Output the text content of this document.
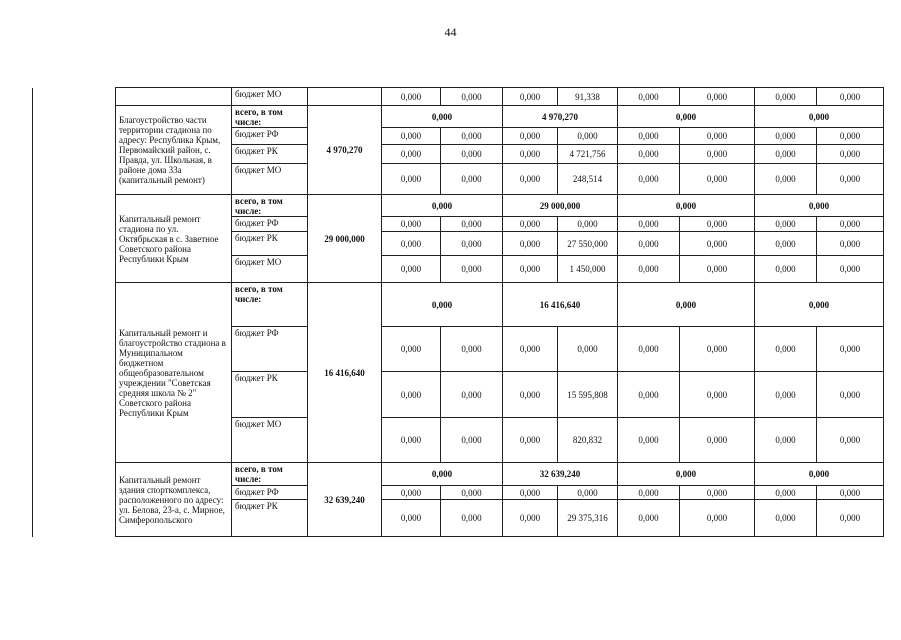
44
		бюджет МО		0,000	0,000	0,000	91,338	0,000	0,000	0,000	0,000
	Благоустройство части территории стадиона по адресу: Республика Крым, Первомайский район, с. Правда, ул. Школьная, в районе дома 33а (капитальный ремонт)	всего, в том числе:	4 970,270	0,000		4 970,270		0,000		0,000	
		бюджет РФ		0,000	0,000	0,000	0,000	0,000	0,000	0,000	0,000
		бюджет РК		0,000	0,000	0,000	4 721,756	0,000	0,000	0,000	0,000
		бюджет МО		0,000	0,000	0,000	248,514	0,000	0,000	0,000	0,000
	Капитальный ремонт стадиона по ул. Октябрьская в с. Заветное Советского района Республики Крым	всего, в том числе:	29 000,000	0,000		29 000,000		0,000		0,000	
		бюджет РФ		0,000	0,000	0,000	0,000	0,000	0,000	0,000	0,000
		бюджет РК		0,000	0,000	0,000	27 550,000	0,000	0,000	0,000	0,000
		бюджет МО		0,000	0,000	0,000	1 450,000	0,000	0,000	0,000	0,000
	Капитальный ремонт и благоустройство стадиона в Муниципальном бюджетном общеобразовательном учреждении "Советская средняя школа № 2" Советского района Республики Крым	всего, в том числе:	16 416,640	0,000		16 416,640		0,000		0,000	
		бюджет РФ		0,000	0,000	0,000	0,000	0,000	0,000	0,000	0,000
		бюджет РК		0,000	0,000	0,000	15 595,808	0,000	0,000	0,000	0,000
		бюджет МО		0,000	0,000	0,000	820,832	0,000	0,000	0,000	0,000
	Капитальный ремонт здания спорткомплекса, расположенного по адресу: ул. Белова, 23-а, с. Мирное, Симферопольского	всего, в том числе:	32 639,240	0,000		32 639,240		0,000		0,000	
		бюджет РФ		0,000	0,000	0,000	0,000	0,000	0,000	0,000	0,000
		бюджет РК		0,000	0,000	0,000	29 375,316	0,000	0,000	0,000	0,000
